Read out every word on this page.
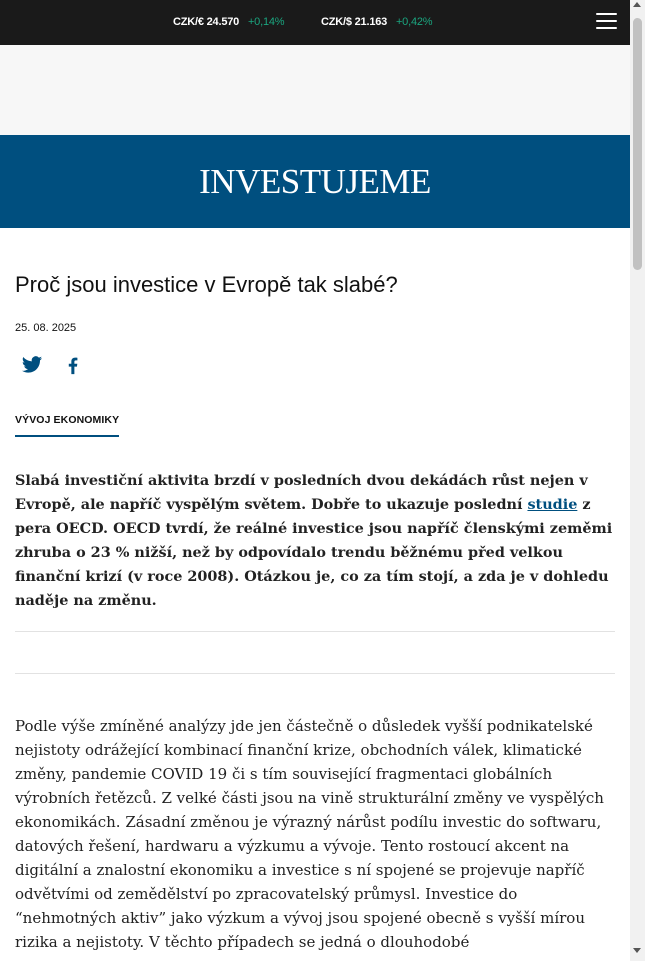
CZK/€ 24.570 +0,14%	CZK/$ 21.163 +0,42%
INVESTUJEME
Proč jsou investice v Evropě tak slabé?
25. 08. 2025
VÝVOJ EKONOMIKY

Slabá investiční aktivita brzdí v posledních dvou dekádách růst nejen v Evropě, ale napříč vyspělým světem. Dobře to ukazuje poslední studie z pera OECD. OECD tvrdí, že reálné investice jsou napříč členskými zeměmi zhruba o 23 % nižší, než by odpovídalo trendu běžnému před velkou finanční krizí (v roce 2008). Otázkou je, co za tím stojí, a zda je v dohledu naděje na změnu.

Podle výše zmíněné analýzy jde jen částečně o důsledek vyšší podnikatelské nejistoty odrážející kombinací finanční krize, obchodních válek, klimatické změny, pandemie COVID 19 či s tím související fragmentaci globálních výrobních řetězců. Z velké části jsou na vině strukturální změny ve vyspělých ekonomikách. Zásadní změnou je výrazný nárůst podílu investic do softwaru, datových řešení, hardwaru a výzkumu a vývoje. Tento rostoucí akcent na digitální a znalostní ekonomiku a investice s ní spojené se projevuje napříč odvětvími od zemědělství po zpracovatelský průmysl. Investice do “nehmotných aktiv” jako výzkum a vývoj jsou spojené obecně s vyšší mírou rizika a nejistoty. V těchto případech se jedná o dlouhodobé
